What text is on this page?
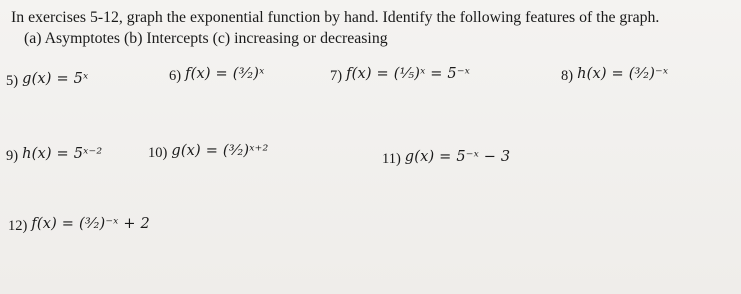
In exercises 5-12, graph the exponential function by hand. Identify the following features of the graph.
(a) Asymptotes (b) Intercepts (c) increasing or decreasing
5) g(x) = 5ˣ	6) f(x) = (³⁄₂)ˣ	7) f(x) = (¹⁄₅)ˣ = 5⁻ˣ	8) h(x) = (³⁄₂)⁻ˣ
9) h(x) = 5ˣ⁻²	10) g(x) = (³⁄₂)ˣ⁺²	11) g(x) = 5⁻ˣ − 3
12) f(x) = (³⁄₂)⁻ˣ + 2
